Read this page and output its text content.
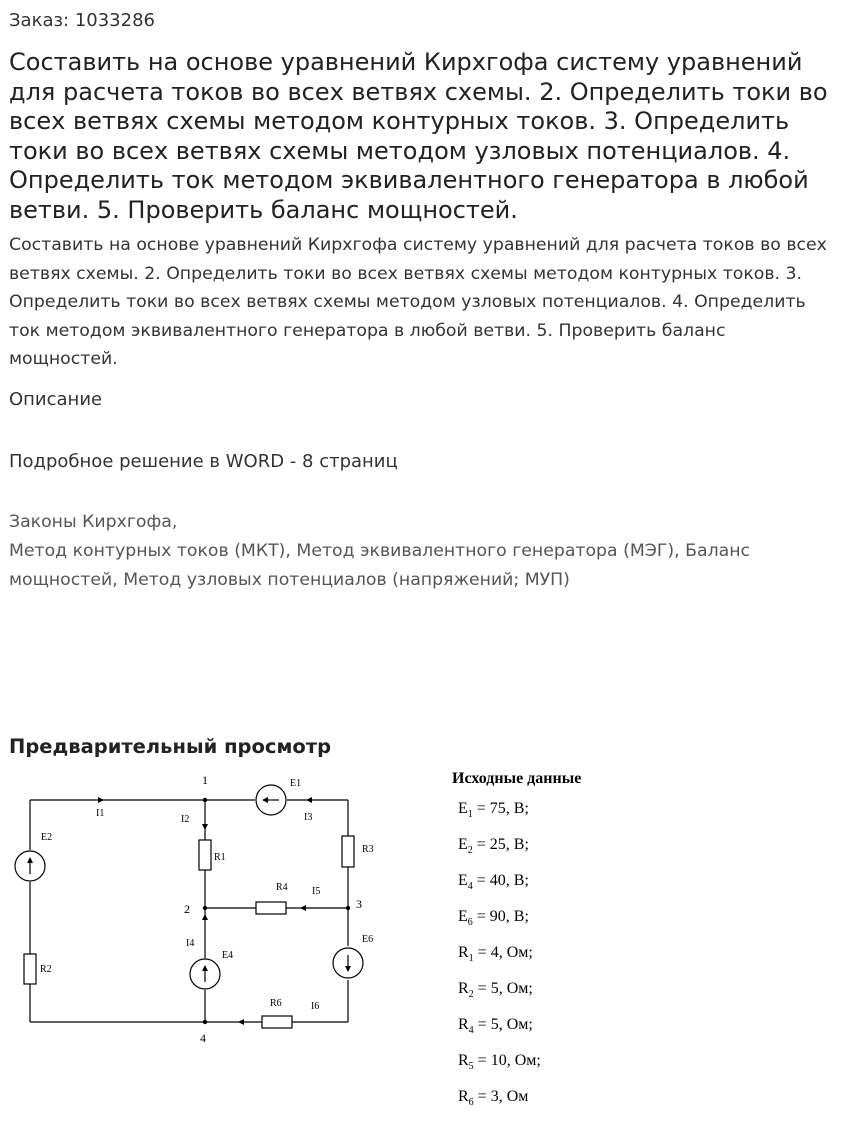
Заказ: 1033286
Составить на основе уравнений Кирхгофа систему уравнений для расчета токов во всех ветвях схемы. 2. Определить токи во всех ветвях схемы методом контурных токов. 3. Определить токи во всех ветвях схемы методом узловых потенциалов. 4. Определить ток методом эквивалентного генератора в любой ветви. 5. Проверить баланс мощностей.

Составить на основе уравнений Кирхгофа систему уравнений для расчета токов во всех ветвях схемы. 2. Определить токи во всех ветвях схемы методом контурных токов. 3. Определить токи во всех ветвях схемы методом узловых потенциалов. 4. Определить ток методом эквивалентного генератора в любой ветви. 5. Проверить баланс мощностей.

Описание
Подробное решение в WORD - 8 страниц
Законы Кирхгофа,
Метод контурных токов (МКТ), Метод эквивалентного генератора (МЭГ), Баланс мощностей, Метод узловых потенциалов (напряжений; МУП)
Предварительный просмотр
1
2	3
4
E1
E2
E4
E6
R1
R2
R3
R4
R6
I1
I2	I3
I4
I5
I6
Исходные данные
$E_1 = 75$, В;
$E_2 = 25$, В;
$E_4 = 40$, В;
$E_6 = 90$, В;
$R_1 = 4$, Ом;
$R_2 = 5$, Ом;
$R_4 = 5$, Ом;
$R_5 = 10$, Ом;
$R_6 = 3$, Ом
